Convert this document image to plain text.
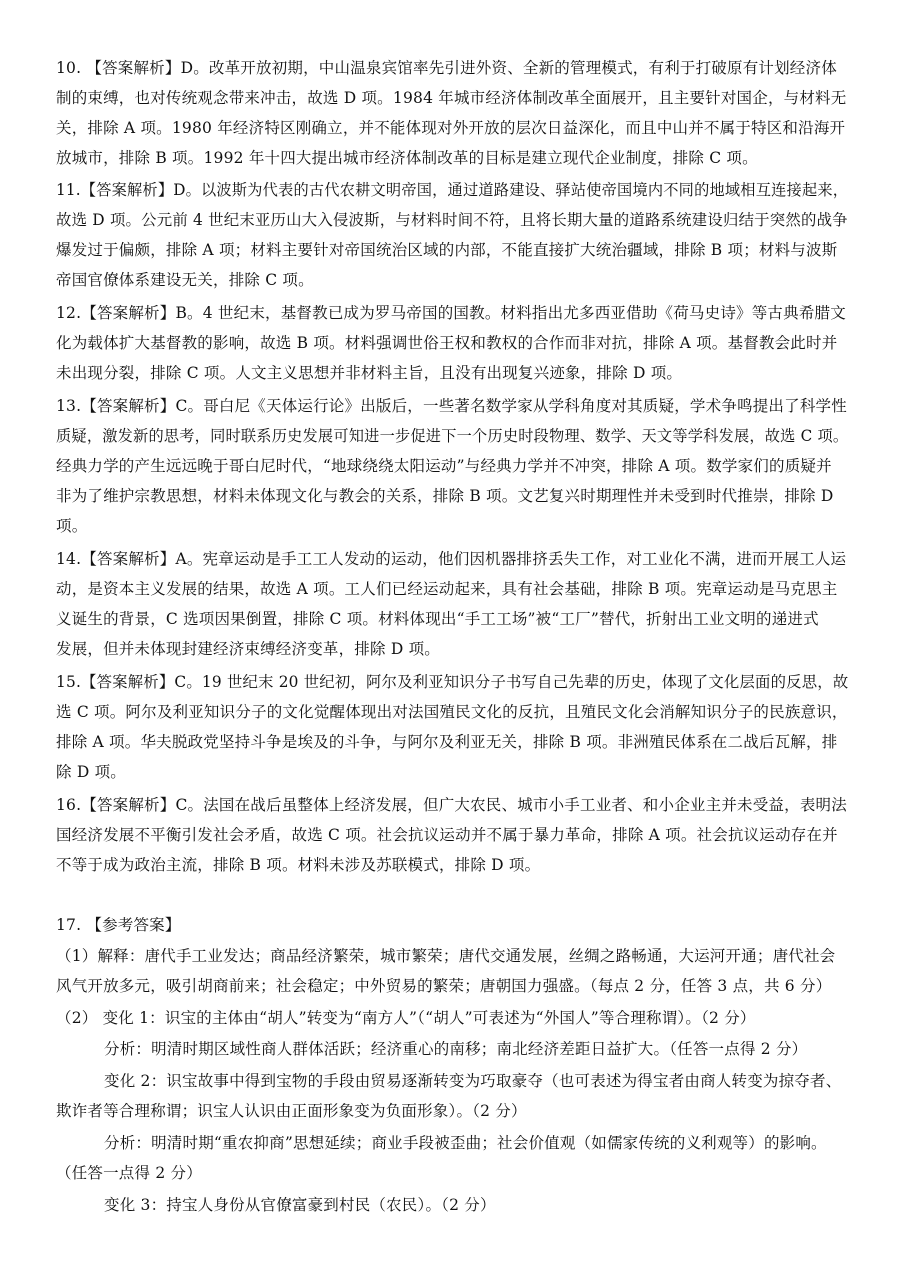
10. 【答案解析】D。改革开放初期，中山温泉宾馆率先引进外资、全新的管理模式，有利于打破原有计划经济体
制的束缚，也对传统观念带来冲击，故选 D 项。1984 年城市经济体制改革全面展开，且主要针对国企，与材料无
关，排除 A 项。1980 年经济特区刚确立，并不能体现对外开放的层次日益深化，而且中山并不属于特区和沿海开
放城市，排除 B 项。1992 年十四大提出城市经济体制改革的目标是建立现代企业制度，排除 C 项。
11.【答案解析】D。以波斯为代表的古代农耕文明帝国，通过道路建设、驿站使帝国境内不同的地域相互连接起来，
故选 D 项。公元前 4 世纪末亚历山大入侵波斯，与材料时间不符，且将长期大量的道路系统建设归结于突然的战争
爆发过于偏颇，排除 A 项；材料主要针对帝国统治区域的内部，不能直接扩大统治疆域，排除 B 项；材料与波斯
帝国官僚体系建设无关，排除 C 项。
12.【答案解析】B。4 世纪末，基督教已成为罗马帝国的国教。材料指出尤多西亚借助《荷马史诗》等古典希腊文
化为载体扩大基督教的影响，故选 B 项。材料强调世俗王权和教权的合作而非对抗，排除 A 项。基督教会此时并
未出现分裂，排除 C 项。人文主义思想并非材料主旨，且没有出现复兴迹象，排除 D 项。
13.【答案解析】C。哥白尼《天体运行论》出版后，一些著名数学家从学科角度对其质疑，学术争鸣提出了科学性
质疑，激发新的思考，同时联系历史发展可知进一步促进下一个历史时段物理、数学、天文等学科发展，故选 C 项。
经典力学的产生远远晚于哥白尼时代，“地球绕绕太阳运动”与经典力学并不冲突，排除 A 项。数学家们的质疑并
非为了维护宗教思想，材料未体现文化与教会的关系，排除 B 项。文艺复兴时期理性并未受到时代推崇，排除 D
项。
14.【答案解析】A。宪章运动是手工工人发动的运动，他们因机器排挤丢失工作，对工业化不满，进而开展工人运
动，是资本主义发展的结果，故选 A 项。工人们已经运动起来，具有社会基础，排除 B 项。宪章运动是马克思主
义诞生的背景，C 选项因果倒置，排除 C 项。材料体现出“手工工场”被“工厂”替代，折射出工业文明的递进式
发展，但并未体现封建经济束缚经济变革，排除 D 项。
15.【答案解析】C。19 世纪末 20 世纪初，阿尔及利亚知识分子书写自己先辈的历史，体现了文化层面的反思，故
选 C 项。阿尔及利亚知识分子的文化觉醒体现出对法国殖民文化的反抗，且殖民文化会消解知识分子的民族意识，
排除 A 项。华夫脱政党坚持斗争是埃及的斗争，与阿尔及利亚无关，排除 B 项。非洲殖民体系在二战后瓦解，排
除 D 项。
16.【答案解析】C。法国在战后虽整体上经济发展，但广大农民、城市小手工业者、和小企业主并未受益，表明法
国经济发展不平衡引发社会矛盾，故选 C 项。社会抗议运动并不属于暴力革命，排除 A 项。社会抗议运动存在并
不等于成为政治主流，排除 B 项。材料未涉及苏联模式，排除 D 项。
17. 【参考答案】
（1）解释：唐代手工业发达；商品经济繁荣，城市繁荣；唐代交通发展，丝绸之路畅通，大运河开通；唐代社会
风气开放多元，吸引胡商前来；社会稳定；中外贸易的繁荣；唐朝国力强盛。（每点 2 分，任答 3 点，共 6 分）
（2） 变化 1：识宝的主体由“胡人”转变为“南方人”（“胡人”可表述为“外国人”等合理称谓）。（2 分）
分析：明清时期区域性商人群体活跃；经济重心的南移；南北经济差距日益扩大。（任答一点得 2 分）
变化 2：识宝故事中得到宝物的手段由贸易逐渐转变为巧取豪夺（也可表述为得宝者由商人转变为掠夺者、
欺诈者等合理称谓；识宝人认识由正面形象变为负面形象）。（2 分）
分析：明清时期“重农抑商”思想延续；商业手段被歪曲；社会价值观（如儒家传统的义利观等）的影响。
（任答一点得 2 分）
变化 3：持宝人身份从官僚富豪到村民（农民）。（2 分）
